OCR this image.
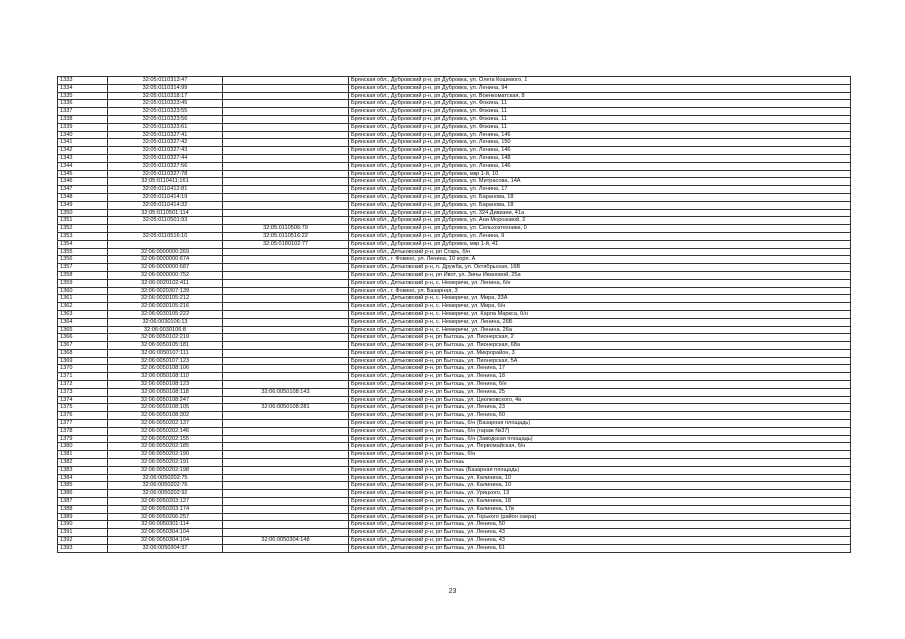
1333	32:05:0110313:47		Брянская обл., Дубровский р-н, рп Дубровка, ул. Олега Кошевого, 1
1334	32:05:0110314:99		Брянская обл., Дубровский р-н, рп Дубровка, ул. Ленина, 94
1335	32:05:0110318:17		Брянская обл., Дубровский р-н, рп Дубровка, ул. Военкоматская, 8
1336	32:05:0110323:45		Брянская обл., Дубровский р-н, рп Дубровка, ул. Фокина, 11
1337	32:05:0110323:55		Брянская обл., Дубровский р-н, рп Дубровка, ул. Фокина, 11
1338	32:05:0110323:56		Брянская обл., Дубровский р-н, рп Дубровка, ул. Фокина, 11
1339	32:05:0110323:61		Брянская обл., Дубровский р-н, рп Дубровка, ул. Фокина, 11
1340	32:05:0110327:41		Брянская обл., Дубровский р-н, рп Дубровка, ул. Ленина, 146
1341	32:05:0110327:42		Брянская обл., Дубровский р-н, рп Дубровка, ул. Ленина, 150
1342	32:05:0110327:43		Брянская обл., Дубровский р-н, рп Дубровка, ул. Ленина, 146
1343	32:05:0110327:44		Брянская обл., Дубровский р-н, рп Дубровка, ул. Ленина, 148
1344	32:05:0110327:56		Брянская обл., Дубровский р-н, рп Дубровка, ул. Ленина, 146
1345	32:05:0110327:78		Брянская обл., Дубровский р-н, рп Дубровка, мкр 1-й, 10
1346	32:05:0110411:161		Брянская обл., Дубровский р-н, рп Дубровка, ул. Митрасова, 14А
1347	32:05:0110412:81		Брянская обл., Дубровский р-н, рп Дубровка, ул. Ленина, 17
1348	32:05:0110414:19		Брянская обл., Дубровский р-н, рп Дубровка, ул. Баранова, 18
1349	32:05:0110414:32		Брянская обл., Дубровский р-н, рп Дубровка, ул. Баранова, 18
1350	32:05:0110501:114		Брянская обл., Дубровский р-н, рп Дубровка, ул. 324 Дивизии, 41а
1351	32:05:0110501:93		Брянская обл., Дубровский р-н, рп Дубровка, ул. Ани Морозовой, 2
1352		32:05:0110506:79	Брянская обл., Дубровский р-н, рп Дубровка, ул. Сельхозтехники, 0
1353	32:05:0110516:10	32:05:0110516:22	Брянская обл., Дубровский р-н, рп Дубровка, ул. Ленина, 9
1354		32:05:0180102:77	Брянская обл., Дубровский р-н, рп Дубровка, мкр 1-й, 41
1355	32:06:0000000:269		Брянская обл., Дятьковский р-н, рп Старь, б/н
1356	32:06:0000000:674		Брянская обл., г. Фокино, ул. Ленина, 10 корп. А
1357	32:06:0000000:687		Брянская обл., Дятьковский р-н, п. Дружба, ул. Октябрьская, 16В
1358	32:06:0000000:752		Брянская обл., Дятьковский р-н, рп Ивот, ул. Зины Ивановой, 25а
1359	32:06:0020102:411		Брянская обл., Дятьковский р-н, с. Немеричи, ул. Ленина, б/н
1360	32:06:0020307:139		Брянская обл., г. Фокино, ул. Базарная, 3
1361	32:06:0030105:212		Брянская обл., Дятьковский р-н, с. Немеричи, ул. Мира, 33А
1362	32:06:0030105:216		Брянская обл., Дятьковский р-н, с. Немеричи, ул. Мира, б/н
1363	32:06:0030105:222		Брянская обл., Дятьковский р-н, с. Немеричи, ул. Карла Маркса, б/н
1364	32:06:0030106:13		Брянская обл., Дятьковский р-н, с. Немеричи, ул. Ленина, 26Б
1365	32:06:0030106:8		Брянская обл., Дятьковский р-н, с. Немеричи, ул. Ленина, 26а
1366	32:06:0050102:219		Брянская обл., Дятьковский р-н, рп Бытошь, ул. Пионерская, 2
1367	32:06:0050105:181		Брянская обл., Дятьковский р-н, рп Бытошь, ул. Пионерская, 68а
1368	32:06:0050107:111		Брянская обл., Дятьковский р-н, рп Бытошь, ул. Микрорайон, 3
1369	32:06:0050107:123		Брянская обл., Дятьковский р-н, рп Бытошь, ул. Пионерская, 5А
1370	32:06:0050108:106		Брянская обл., Дятьковский р-н, рп Бытошь, ул. Ленина, 17
1371	32:06:0050108:110		Брянская обл., Дятьковский р-н, рп Бытошь, ул. Ленина, 18
1372	32:06:0050108:123		Брянская обл., Дятьковский р-н, рп Бытошь, ул. Ленина, б/н
1373	32:06:0050108:118	32:06:0050108:143	Брянская обл., Дятьковский р-н, рп Бытошь, ул. Ленина, 25
1374	32:06:0050108:247		Брянская обл., Дятьковский р-н, рп Бытошь, ул. Циолковского, 4в
1375	32:06:0050108:105	32:06:0050108:281	Брянская обл., Дятьковский р-н, рп Бытошь, ул. Ленина, 23
1376	32:06:0050108:302		Брянская обл., Дятьковский р-н, рп Бытошь, ул. Ленина, 60
1377	32:06:0050202:137		Брянская обл., Дятьковский р-н, рп Бытошь, б/н (Базарная площадь)
1378	32:06:0050202:146		Брянская обл., Дятьковский р-н, рп Бытошь, б/н (гараж №37)
1379	32:06:0050202:155		Брянская обл., Дятьковский р-н, рп Бытошь, б/н (Заводская площадь)
1380	32:06:0050202:185		Брянская обл., Дятьковский р-н, рп Бытошь, ул. Первомайская, б/н
1381	32:06:0050202:190		Брянская обл., Дятьковский р-н, рп Бытошь, б/н
1382	32:06:0050202:191		Брянская обл., Дятьковский р-н, рп Бытошь
1383	32:06:0050202:198		Брянская обл., Дятьковский р-н, рп Бытошь (Базарная площадь)
1384	32:06:0050202:75		Брянская обл., Дятьковский р-н, рп Бытошь, ул. Калинина, 10
1385	32:06:0050202:76		Брянская обл., Дятьковский р-н, рп Бытошь, ул. Калинина, 10
1386	32:06:0050202:92		Брянская обл., Дятьковский р-н, рп Бытошь, ул. Урицкого, 13
1387	32:06:0050203:127		Брянская обл., Дятьковский р-н, рп Бытошь, ул. Калинина, 18
1388	32:06:0050203:174		Брянская обл., Дятьковский р-н, рп Бытошь, ул. Калинина, 17в
1389	32:06:0050206:257		Брянская обл., Дятьковский р-н, рп Бытошь, ул. Горького (район озера)
1390	32:06:0050301:114		Брянская обл., Дятьковский р-н, рп Бытошь, ул. Ленина, 50
1391	32:06:0050304:104		Брянская обл., Дятьковский р-н, рп Бытошь, ул. Ленина, 43
1392	32:06:0050304:104	32:06:0050304:148	Брянская обл., Дятьковский р-н, рп Бытошь, ул. Ленина, 43
1393	32:06:0050304:97		Брянская обл., Дятьковский р-н, рп Бытошь, ул. Ленина, 61
23
